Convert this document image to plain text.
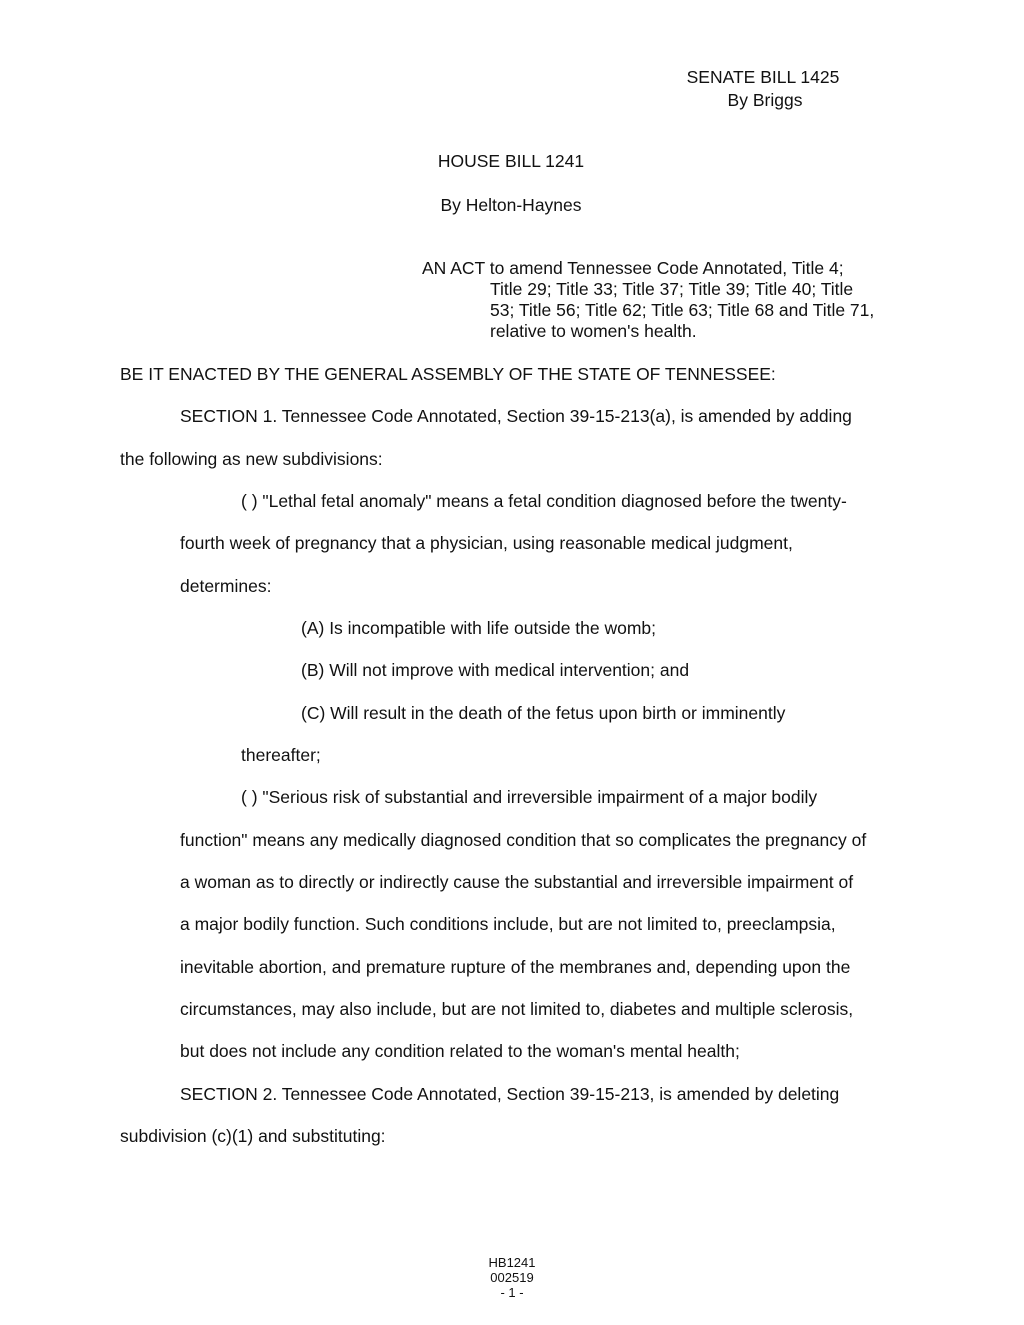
SENATE BILL 1425
By Briggs
HOUSE BILL 1241
By Helton-Haynes
AN ACT to amend Tennessee Code Annotated, Title 4;
Title 29; Title 33; Title 37; Title 39; Title 40; Title
53; Title 56; Title 62; Title 63; Title 68 and Title 71,
relative to women's health.
BE IT ENACTED BY THE GENERAL ASSEMBLY OF THE STATE OF TENNESSEE:
SECTION 1. Tennessee Code Annotated, Section 39-15-213(a), is amended by adding
the following as new subdivisions:
( ) "Lethal fetal anomaly" means a fetal condition diagnosed before the twenty-
fourth week of pregnancy that a physician, using reasonable medical judgment,
determines:
(A) Is incompatible with life outside the womb;
(B) Will not improve with medical intervention; and
(C) Will result in the death of the fetus upon birth or imminently
thereafter;
( ) "Serious risk of substantial and irreversible impairment of a major bodily
function" means any medically diagnosed condition that so complicates the pregnancy of
a woman as to directly or indirectly cause the substantial and irreversible impairment of
a major bodily function. Such conditions include, but are not limited to, preeclampsia,
inevitable abortion, and premature rupture of the membranes and, depending upon the
circumstances, may also include, but are not limited to, diabetes and multiple sclerosis,
but does not include any condition related to the woman's mental health;
SECTION 2. Tennessee Code Annotated, Section 39-15-213, is amended by deleting
subdivision (c)(1) and substituting:
HB1241
002519
- 1 -
